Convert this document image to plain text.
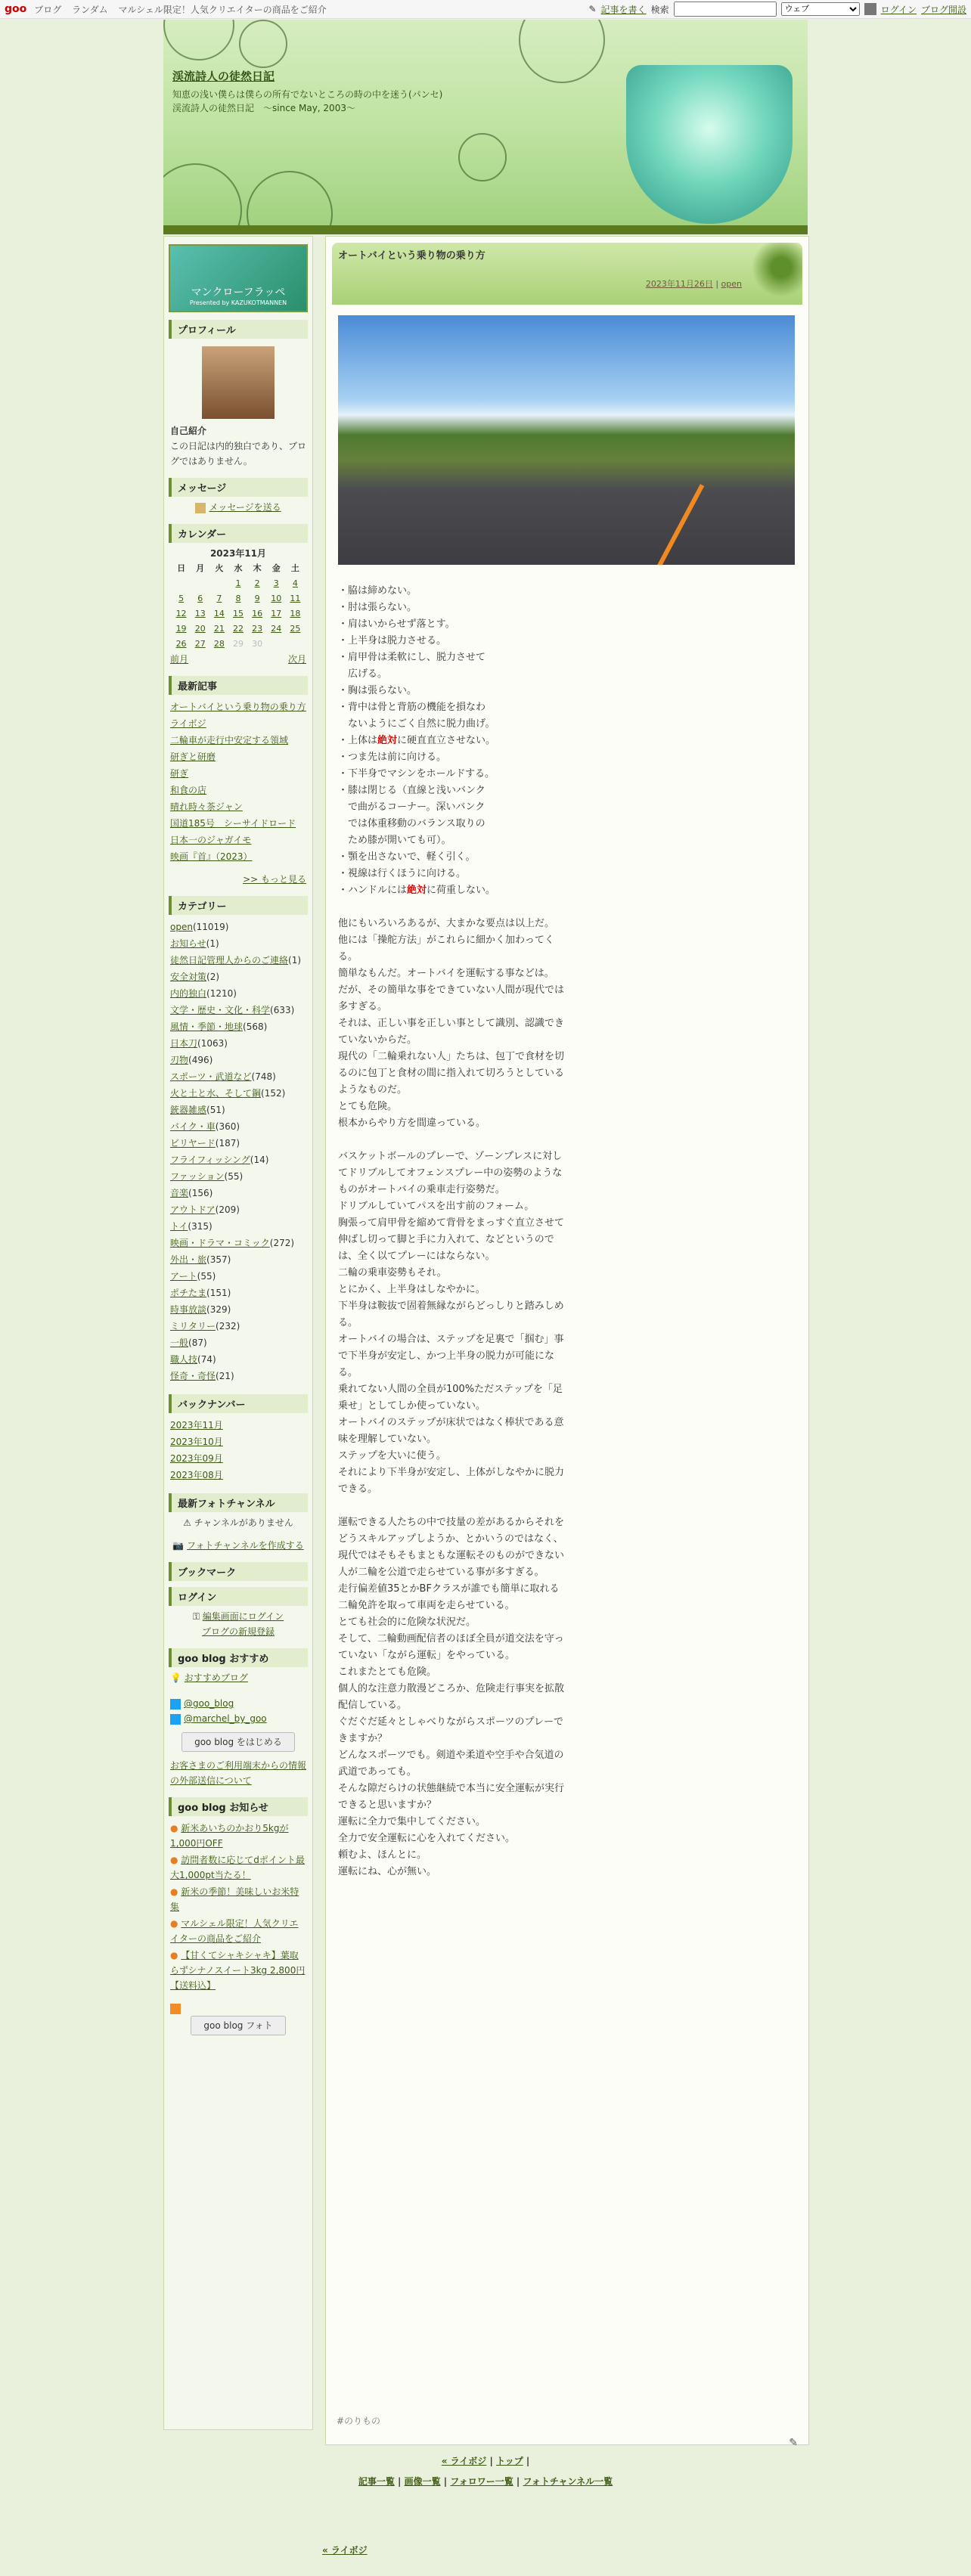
goo ブログ ランダム マルシェル限定！人気クリエイターの商品をご紹介	✎ 記事を書く 検索
ウェブ	ログイン ブログ開設
渓流詩人の徒然日記
知恵の浅い僕らは僕らの所有でないところの時の中を迷う(パンセ)　渓流詩人の徒然日記　～since May, 2003～
マンクローフラッペ
Presented by KAZUKOTMANNEN
プロフィール
自己紹介
この日記は内的独白であり、ブログではありません。
メッセージ
メッセージを送る
カレンダー
2023年11月
日	月	火	水	木	金	土
			1	2	3	4
5	6	7	8	9	10	11
12	13	14	15	16	17	18
19	20	21	22	23	24	25
26	27	28	29	30		
前月	次月
最新記事
オートバイという乗り物の乗り方
ライボジ
二輪車が走行中安定する領域
研ぎと研磨
研ぎ
和食の店
晴れ時々茶ジャン
国道185号　シーサイドロード
日本一のジャガイモ
映画『首』（2023）
>> もっと見る
カテゴリー
open(11019)
お知らせ(1)
徒然日記管理人からのご連絡(1)
安全対策(2)
内的独白(1210)
文学・歴史・文化・科学(633)
風情・季節・地球(568)
日本刀(1063)
刃物(496)
スポーツ・武道など(748)
火と土と水、そして鋼(152)
銃器雑感(51)
バイク・車(360)
ビリヤード(187)
フライフィッシング(14)
ファッション(55)
音楽(156)
アウトドア(209)
トイ(315)
映画・ドラマ・コミック(272)
外出・旅(357)
アート(55)
ポチたま(151)
時事放談(329)
ミリタリー(232)
一般(87)
職人技(74)
怪奇・奇怪(21)
バックナンバー
2023年11月
2023年10月
2023年09月
2023年08月
最新フォトチャンネル
⚠ チャンネルがありません
📷 フォトチャンネルを作成する
ブックマーク
ログイン
⚿ 編集画面にログイン
ブログの新規登録
goo blog おすすめ
💡 おすすめブログ
@goo_blog
@marchel_by_goo
goo blog をはじめる
お客さまのご利用端末からの情報の外部送信について
goo blog お知らせ
● 新米あいちのかおり5kgが1,000円OFF
● 訪問者数に応じてdポイント最大1,000pt当たる！
● 新米の季節！美味しいお米特集
● マルシェル限定！人気クリエイターの商品をご紹介
● 【甘くてシャキシャキ】葉取らずシナノスイート3kg 2,800円【送料込】
goo blog フォト
オートバイという乗り物の乗り方
2023年11月26日 | open

・脇は締めない。

・肘は張らない。

・肩はいからせず落とす。

・上半身は脱力させる。

・肩甲骨は柔軟にし、脱力させて
　広げる。

・胸は張らない。

・背中は骨と背筋の機能を損なわ
　ないようにごく自然に脱力曲げ。

・上体は絶対に硬直直立させない。

・つま先は前に向ける。

・下半身でマシンをホールドする。

・膝は閉じる（直線と浅いバンク
　で曲がるコーナー。深いバンク
　では体重移動のバランス取りの
　ため膝が開いても可）。

・顎を出さないで、軽く引く。

・視線は行くほうに向ける。

・ハンドルには絶対に荷重しない。

他にもいろいろあるが、大まかな要点は以上だ。
他には「操舵方法」がこれらに細かく加わってくる。
簡単なもんだ。オートバイを運転する事などは。
だが、その簡単な事をできていない人間が現代では多すぎる。
それは、正しい事を正しい事として識別、認識できていないからだ。
現代の「二輪乗れない人」たちは、包丁で食材を切るのに包丁と食材の間に指入れて切ろうとしているようなものだ。
とても危険。
根本からやり方を間違っている。

バスケットボールのプレーで、ゾーンプレスに対してドリブルしてオフェンスプレー中の姿勢のようなものがオートバイの乗車走行姿勢だ。
ドリブルしていてパスを出す前のフォーム。
胸張って肩甲骨を縮めて背骨をまっすぐ直立させて伸ばし切って脚と手に力入れて、などというのでは、全く以てプレーにはならない。
二輪の乗車姿勢もそれ。
とにかく、上半身はしなやかに。
下半身は鞍抜で固着無縁ながらどっしりと踏みしめる。
オートバイの場合は、ステップを足裏で「掴む」事で下半身が安定し、かつ上半身の脱力が可能になる。
乗れてない人間の全員が100%ただステップを「足乗せ」としてしか使っていない。
オートバイのステップが床状ではなく棒状である意味を理解していない。
ステップを大いに使う。
それにより下半身が安定し、上体がしなやかに脱力できる。

運転できる人たちの中で技量の差があるからそれをどうスキルアップしようか、とかいうのではなく、現代ではそもそもまともな運転そのものができない人が二輪を公道で走らせている事が多すぎる。
走行偏差値35とかBFクラスが誰でも簡単に取れる二輪免許を取って車両を走らせている。
とても社会的に危険な状況だ。
そして、二輪動画配信者のほぼ全員が道交法を守っていない「ながら運転」をやっている。
これまたとても危険。
個人的な注意力散漫どころか、危険走行事実を拡散配信している。
ぐだぐだ延々としゃべりながらスポーツのプレーできますか？
どんなスポーツでも。剣道や柔道や空手や合気道の武道であっても。
そんな隙だらけの状態継続で本当に安全運転が実行できると思いますか？
運転に全力で集中してください。
全力で安全運転に心を入れてください。
頼むよ、ほんとに。
運転にね、心が無い。

#のりもの
✎
« ライボジ | トップ |
記事一覧 | 画像一覧 | フォロワー一覧 | フォトチャンネル一覧
« ライボジ
